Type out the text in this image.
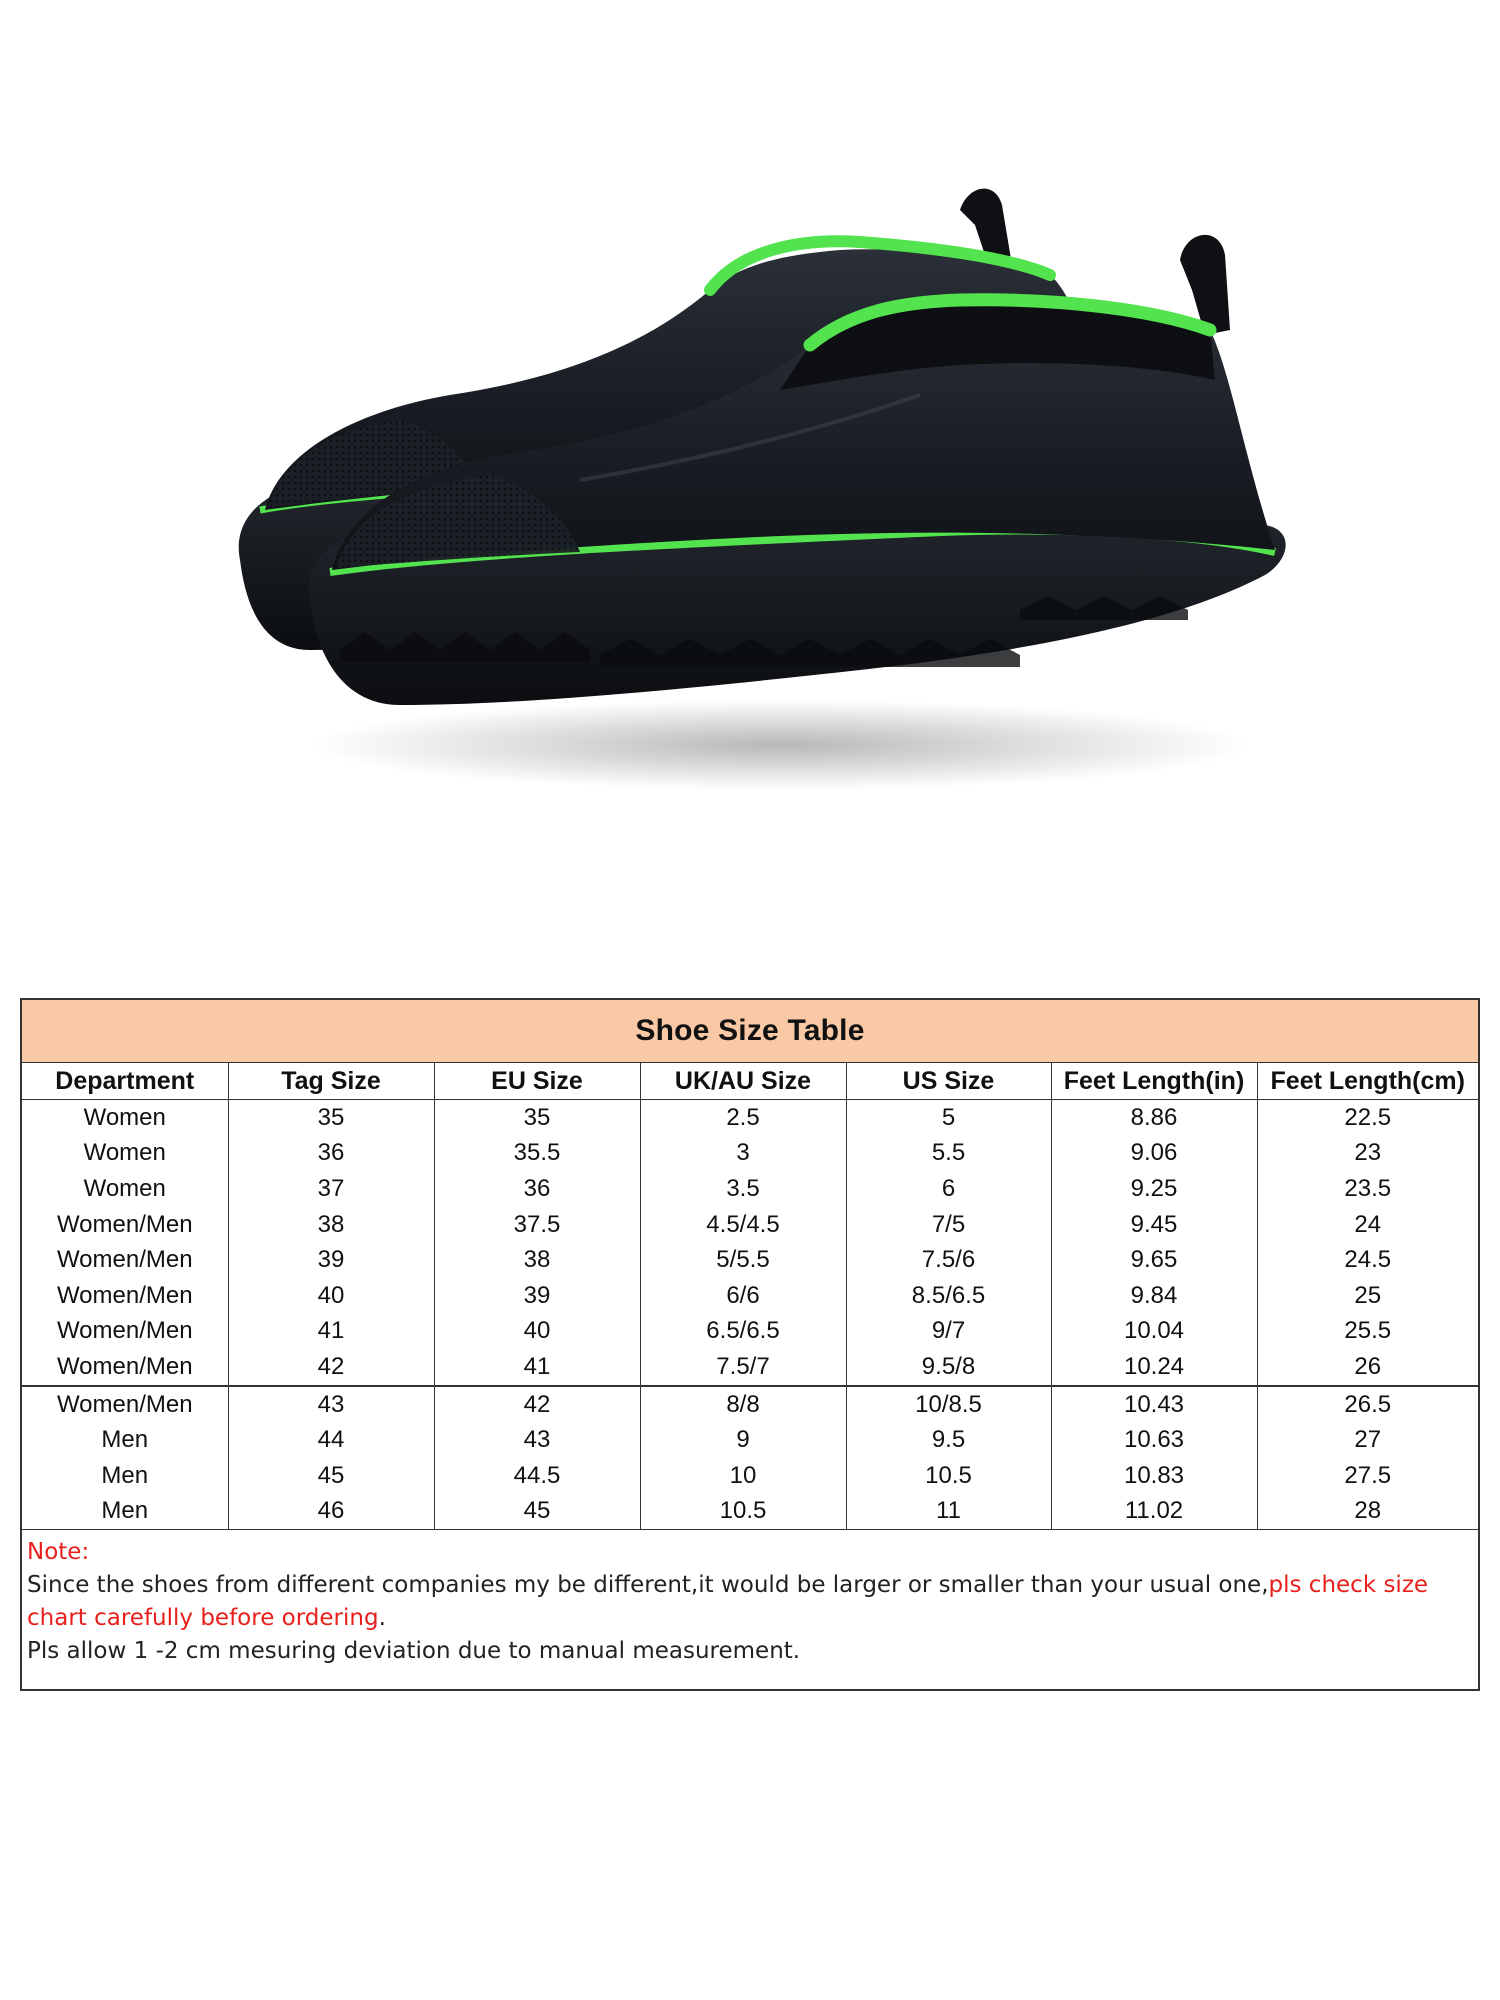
Shoe Size Table
Department	Tag Size	EU Size	UK/AU Size	US Size	Feet Length(in)	Feet Length(cm)
Women	35	35	2.5	5	8.86	22.5
Women	36	35.5	3	5.5	9.06	23
Women	37	36	3.5	6	9.25	23.5
Women/Men	38	37.5	4.5/4.5	7/5	9.45	24
Women/Men	39	38	5/5.5	7.5/6	9.65	24.5
Women/Men	40	39	6/6	8.5/6.5	9.84	25
Women/Men	41	40	6.5/6.5	9/7	10.04	25.5
Women/Men	42	41	7.5/7	9.5/8	10.24	26
Women/Men	43	42	8/8	10/8.5	10.43	26.5
Men	44	43	9	9.5	10.63	27
Men	45	44.5	10	10.5	10.83	27.5
Men	46	45	10.5	11	11.02	28
Note:
Since the shoes from different companies my be different,it would be larger or smaller than your usual one,pls check size chart carefully before ordering.
Pls allow 1 -2 cm mesuring deviation due to manual measurement.
